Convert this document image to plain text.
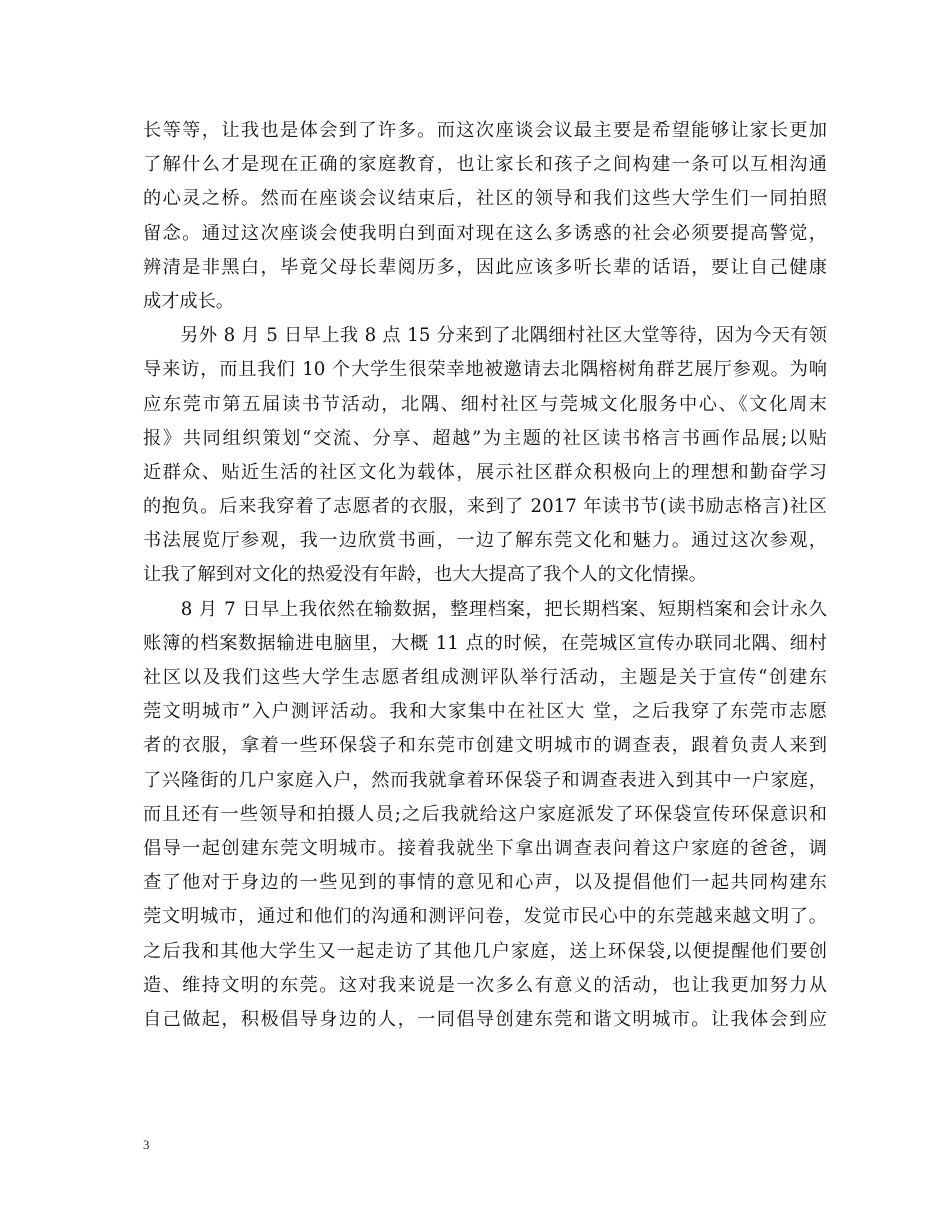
长等等，让我也是体会到了许多。而这次座谈会议最主要是希望能够让家长更加
了解什么才是现在正确的家庭教育，也让家长和孩子之间构建一条可以互相沟通
的心灵之桥。然而在座谈会议结束后，社区的领导和我们这些大学生们一同拍照
留念。通过这次座谈会使我明白到面对现在这么多诱惑的社会必须要提高警觉，
辨清是非黑白，毕竟父母长辈阅历多，因此应该多听长辈的话语，要让自己健康
成才成长。
　　另外 8 月 5 日早上我 8 点 15 分来到了北隅细村社区大堂等待，因为今天有领
导来访，而且我们 10 个大学生很荣幸地被邀请去北隅榕树角群艺展厅参观。为响
应东莞市第五届读书节活动，北隅、细村社区与莞城文化服务中心、《文化周末
报》共同组织策划“交流、分享、超越”为主题的社区读书格言书画作品展;以贴
近群众、贴近生活的社区文化为载体，展示社区群众积极向上的理想和勤奋学习
的抱负。后来我穿着了志愿者的衣服，来到了 2017 年读书节(读书励志格言)社区
书法展览厅参观，我一边欣赏书画，一边了解东莞文化和魅力。通过这次参观，
让我了解到对文化的热爱没有年龄，也大大提高了我个人的文化情操。
　　8 月 7 日早上我依然在输数据，整理档案，把长期档案、短期档案和会计永久
账簿的档案数据输进电脑里，大概 11 点的时候，在莞城区宣传办联同北隅、细村
社区以及我们这些大学生志愿者组成测评队举行活动，主题是关于宣传“创建东
莞文明城市”入户测评活动。我和大家集中在社区大 堂，之后我穿了东莞市志愿
者的衣服，拿着一些环保袋子和东莞市创建文明城市的调查表，跟着负责人来到
了兴隆街的几户家庭入户，然而我就拿着环保袋子和调查表进入到其中一户家庭，
而且还有一些领导和拍摄人员;之后我就给这户家庭派发了环保袋宣传环保意识和
倡导一起创建东莞文明城市。接着我就坐下拿出调查表问着这户家庭的爸爸，调
查了他对于身边的一些见到的事情的意见和心声，以及提倡他们一起共同构建东
莞文明城市，通过和他们的沟通和测评问卷，发觉市民心中的东莞越来越文明了。
之后我和其他大学生又一起走访了其他几户家庭，送上环保袋,以便提醒他们要创
造、维持文明的东莞。这对我来说是一次多么有意义的活动，也让我更加努力从
自己做起，积极倡导身边的人，一同倡导创建东莞和谐文明城市。让我体会到应
3
